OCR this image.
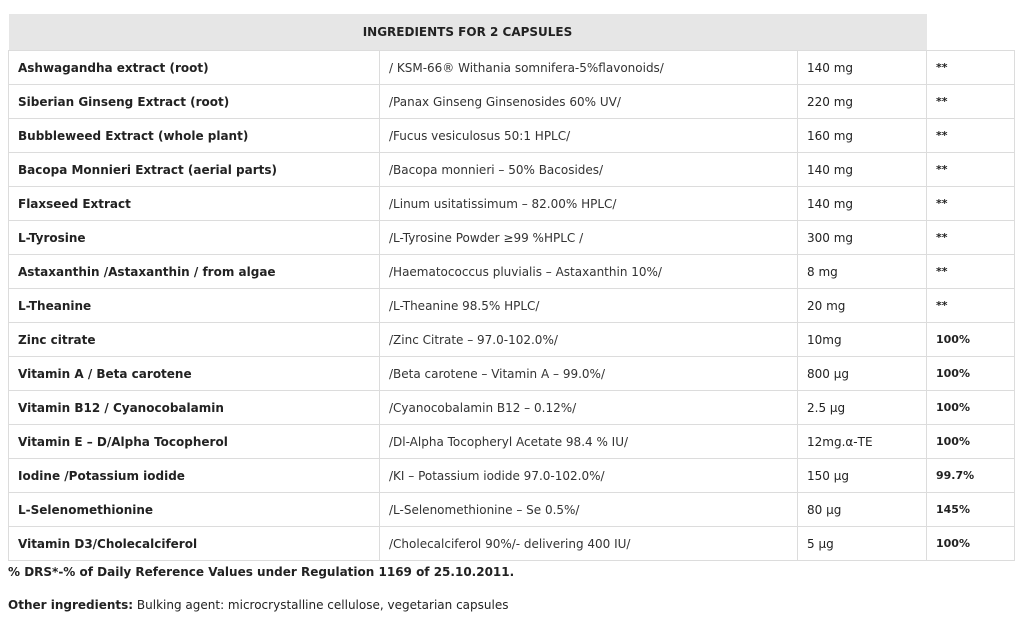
INGREDIENTS FOR 2 CAPSULES			
Ashwagandha extract (root)	/ KSM-66® Withania somnifera-5%flavonoids/	140 mg	**
Siberian Ginseng Extract (root)	/Panax Ginseng Ginsenosides 60% UV/	220 mg	**
Bubbleweed Extract (whole plant)	/Fucus vesiculosus 50:1 HPLC/	160 mg	**
Bacopa Monnieri Extract (aerial parts)	/Bacopa monnieri – 50% Bacosides/	140 mg	**
Flaxseed Extract	/Linum usitatissimum – 82.00% HPLC/	140 mg	**
L-Tyrosine	/L-Tyrosine Powder ≥99 %HPLC /	300 mg	**
Astaxanthin /Astaxanthin / from algae	/Haematococcus pluvialis – Astaxanthin 10%/	8 mg	**
L-Theanine	/L-Theanine 98.5% HPLC/	20 mg	**
Zinc citrate	/Zinc Citrate – 97.0-102.0%/	10mg	100%
Vitamin A / Beta carotene	/Beta carotene – Vitamin A – 99.0%/	800 µg	100%
Vitamin B12 / Cyanocobalamin	/Cyanocobalamin B12 – 0.12%/	2.5 µg	100%
Vitamin E – D/Alpha Tocopherol	/Dl-Alpha Tocopheryl Acetate 98.4 % IU/	12mg.α-TE	100%
Iodine /Potassium iodide	/KI – Potassium iodide 97.0-102.0%/	150 µg	99.7%
L-Selenomethionine	/L-Selenomethionine – Se 0.5%/	80 µg	145%
Vitamin D3/Cholecalciferol	/Cholecalciferol 90%/- delivering 400 IU/	5 µg	100%
% DRS*-% of Daily Reference Values under Regulation 1169 of 25.10.2011.
Other ingredients: Bulking agent: microcrystalline cellulose, vegetarian capsules
